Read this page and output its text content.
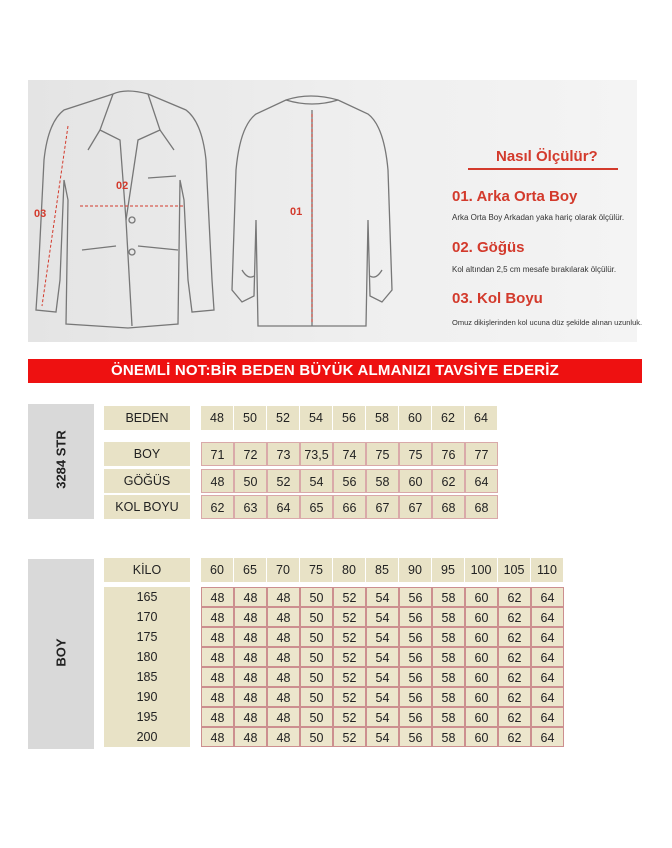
02
03	01
Nasıl Ölçülür?
01. Arka Orta Boy
Arka Orta Boy Arkadan yaka hariç olarak ölçülür.
02. Göğüs
Kol altından 2,5 cm mesafe bırakılarak ölçülür.
03. Kol Boyu
Omuz dikişlerinden kol ucuna düz şekilde alınan uzunluk.
ÖNEMLİ NOT:BİR BEDEN BÜYÜK ALMANIZI TAVSİYE EDERİZ
3284 STR
BEDEN	48	50	52	54	56	58	60	62	64
BOY	71	72	73	73,5	74	75	75	76	77
GÖĞÜS	48	50	52	54	56	58	60	62	64
KOL BOYU	62	63	64	65	66	67	67	68	68
BOY
KİLO	60	65	70	75	80	85	90	95	100 105	110
165	48	48	48	50	52	54	56	58	60	62	64
170	48	48	48	50	52	54	56	58	60	62	64
175	48	48	48	50	52	54	56	58	60	62	64
180	48	48	48	50	52	54	56	58	60	62	64
185	48	48	48	50	52	54	56	58	60	62	64
190	48	48	48	50	52	54	56	58	60	62	64
195	48	48	48	50	52	54	56	58	60	62	64
200	48	48	48	50	52	54	56	58	60	62	64
